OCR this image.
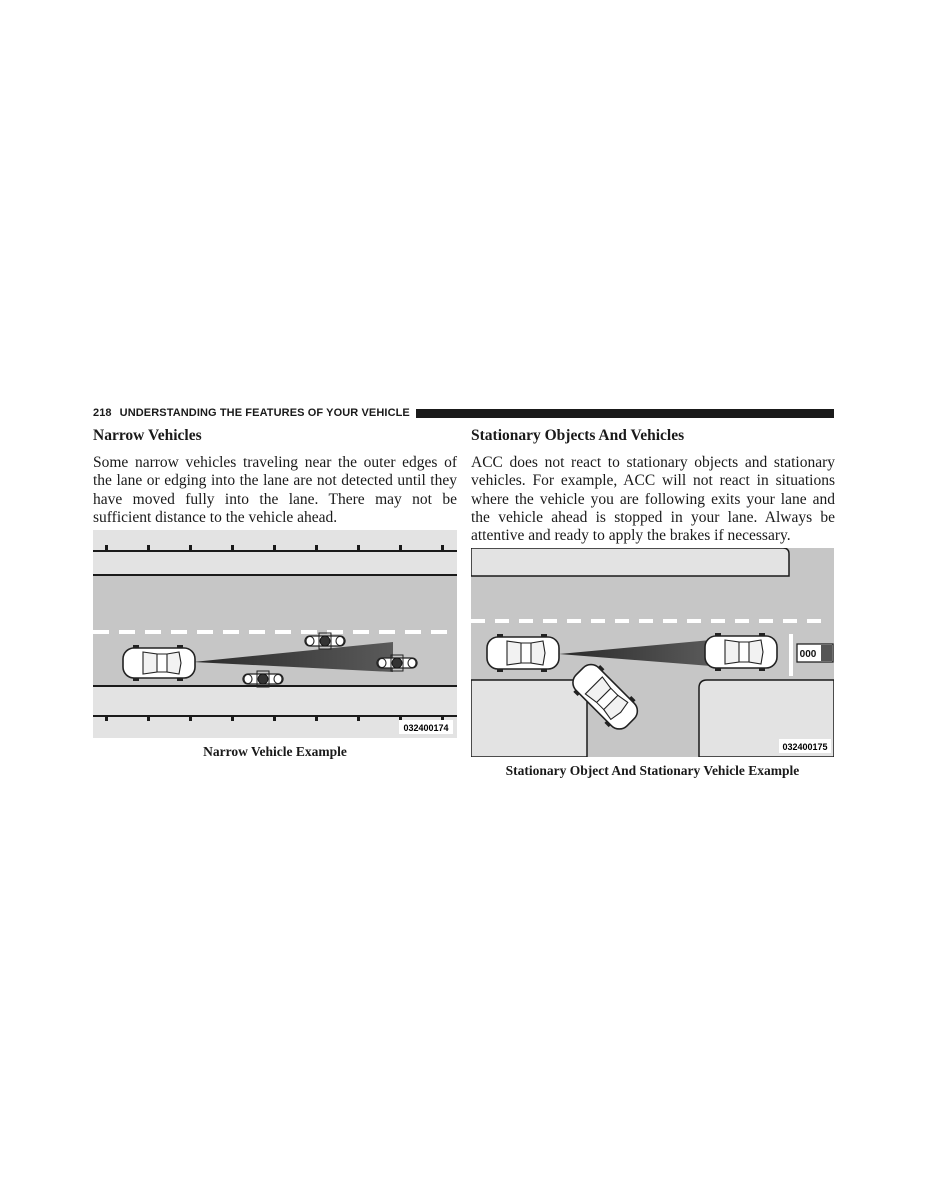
218 UNDERSTANDING THE FEATURES OF YOUR VEHICLE
Narrow Vehicles

Some narrow vehicles traveling near the outer edges of the lane or edging into the lane are not detected until they have moved fully into the lane. There may not be sufficient distance to the vehicle ahead.

032400174
Narrow Vehicle Example
Stationary Objects And Vehicles

ACC does not react to stationary objects and stationary vehicles. For example, ACC will not react in situations where the vehicle you are following exits your lane and the vehicle ahead is stopped in your lane. Always be attentive and ready to apply the brakes if necessary.

000
032400175
Stationary Object And Stationary Vehicle Example
